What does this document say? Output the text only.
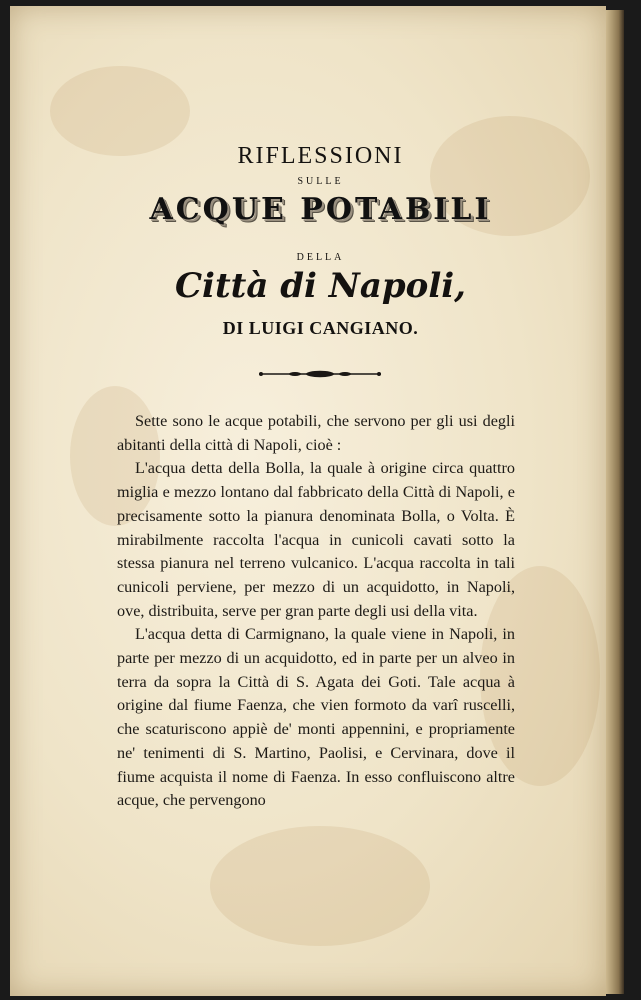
RIFLESSIONI
SULLE
ACQUE POTABILI
DELLA
Città di Napoli,
DI LUIGI CANGIANO.

Sette sono le acque potabili, che servono per gli usi degli abitanti della città di Napoli, cioè :

L'acqua detta della Bolla, la quale à origine circa quattro miglia e mezzo lontano dal fabbricato della Città di Napoli, e precisamente sotto la pianura denominata Bolla, o Volta. È mirabilmente raccolta l'acqua in cunicoli cavati sotto la stessa pianura nel terreno vulcanico. L'acqua raccolta in tali cunicoli perviene, per mezzo di un acquidotto, in Napoli, ove, distribuita, serve per gran parte degli usi della vita.

L'acqua detta di Carmignano, la quale viene in Napoli, in parte per mezzo di un acquidotto, ed in parte per un alveo in terra da sopra la Città di S. Agata dei Goti. Tale acqua à origine dal fiume Faenza, che vien formoto da varî ruscelli, che scaturiscono appiè de' monti appennini, e propriamente ne' tenimenti di S. Martino, Paolisi, e Cervinara, dove il fiume acquista il nome di Faenza. In esso confluiscono altre acque, che pervengono
